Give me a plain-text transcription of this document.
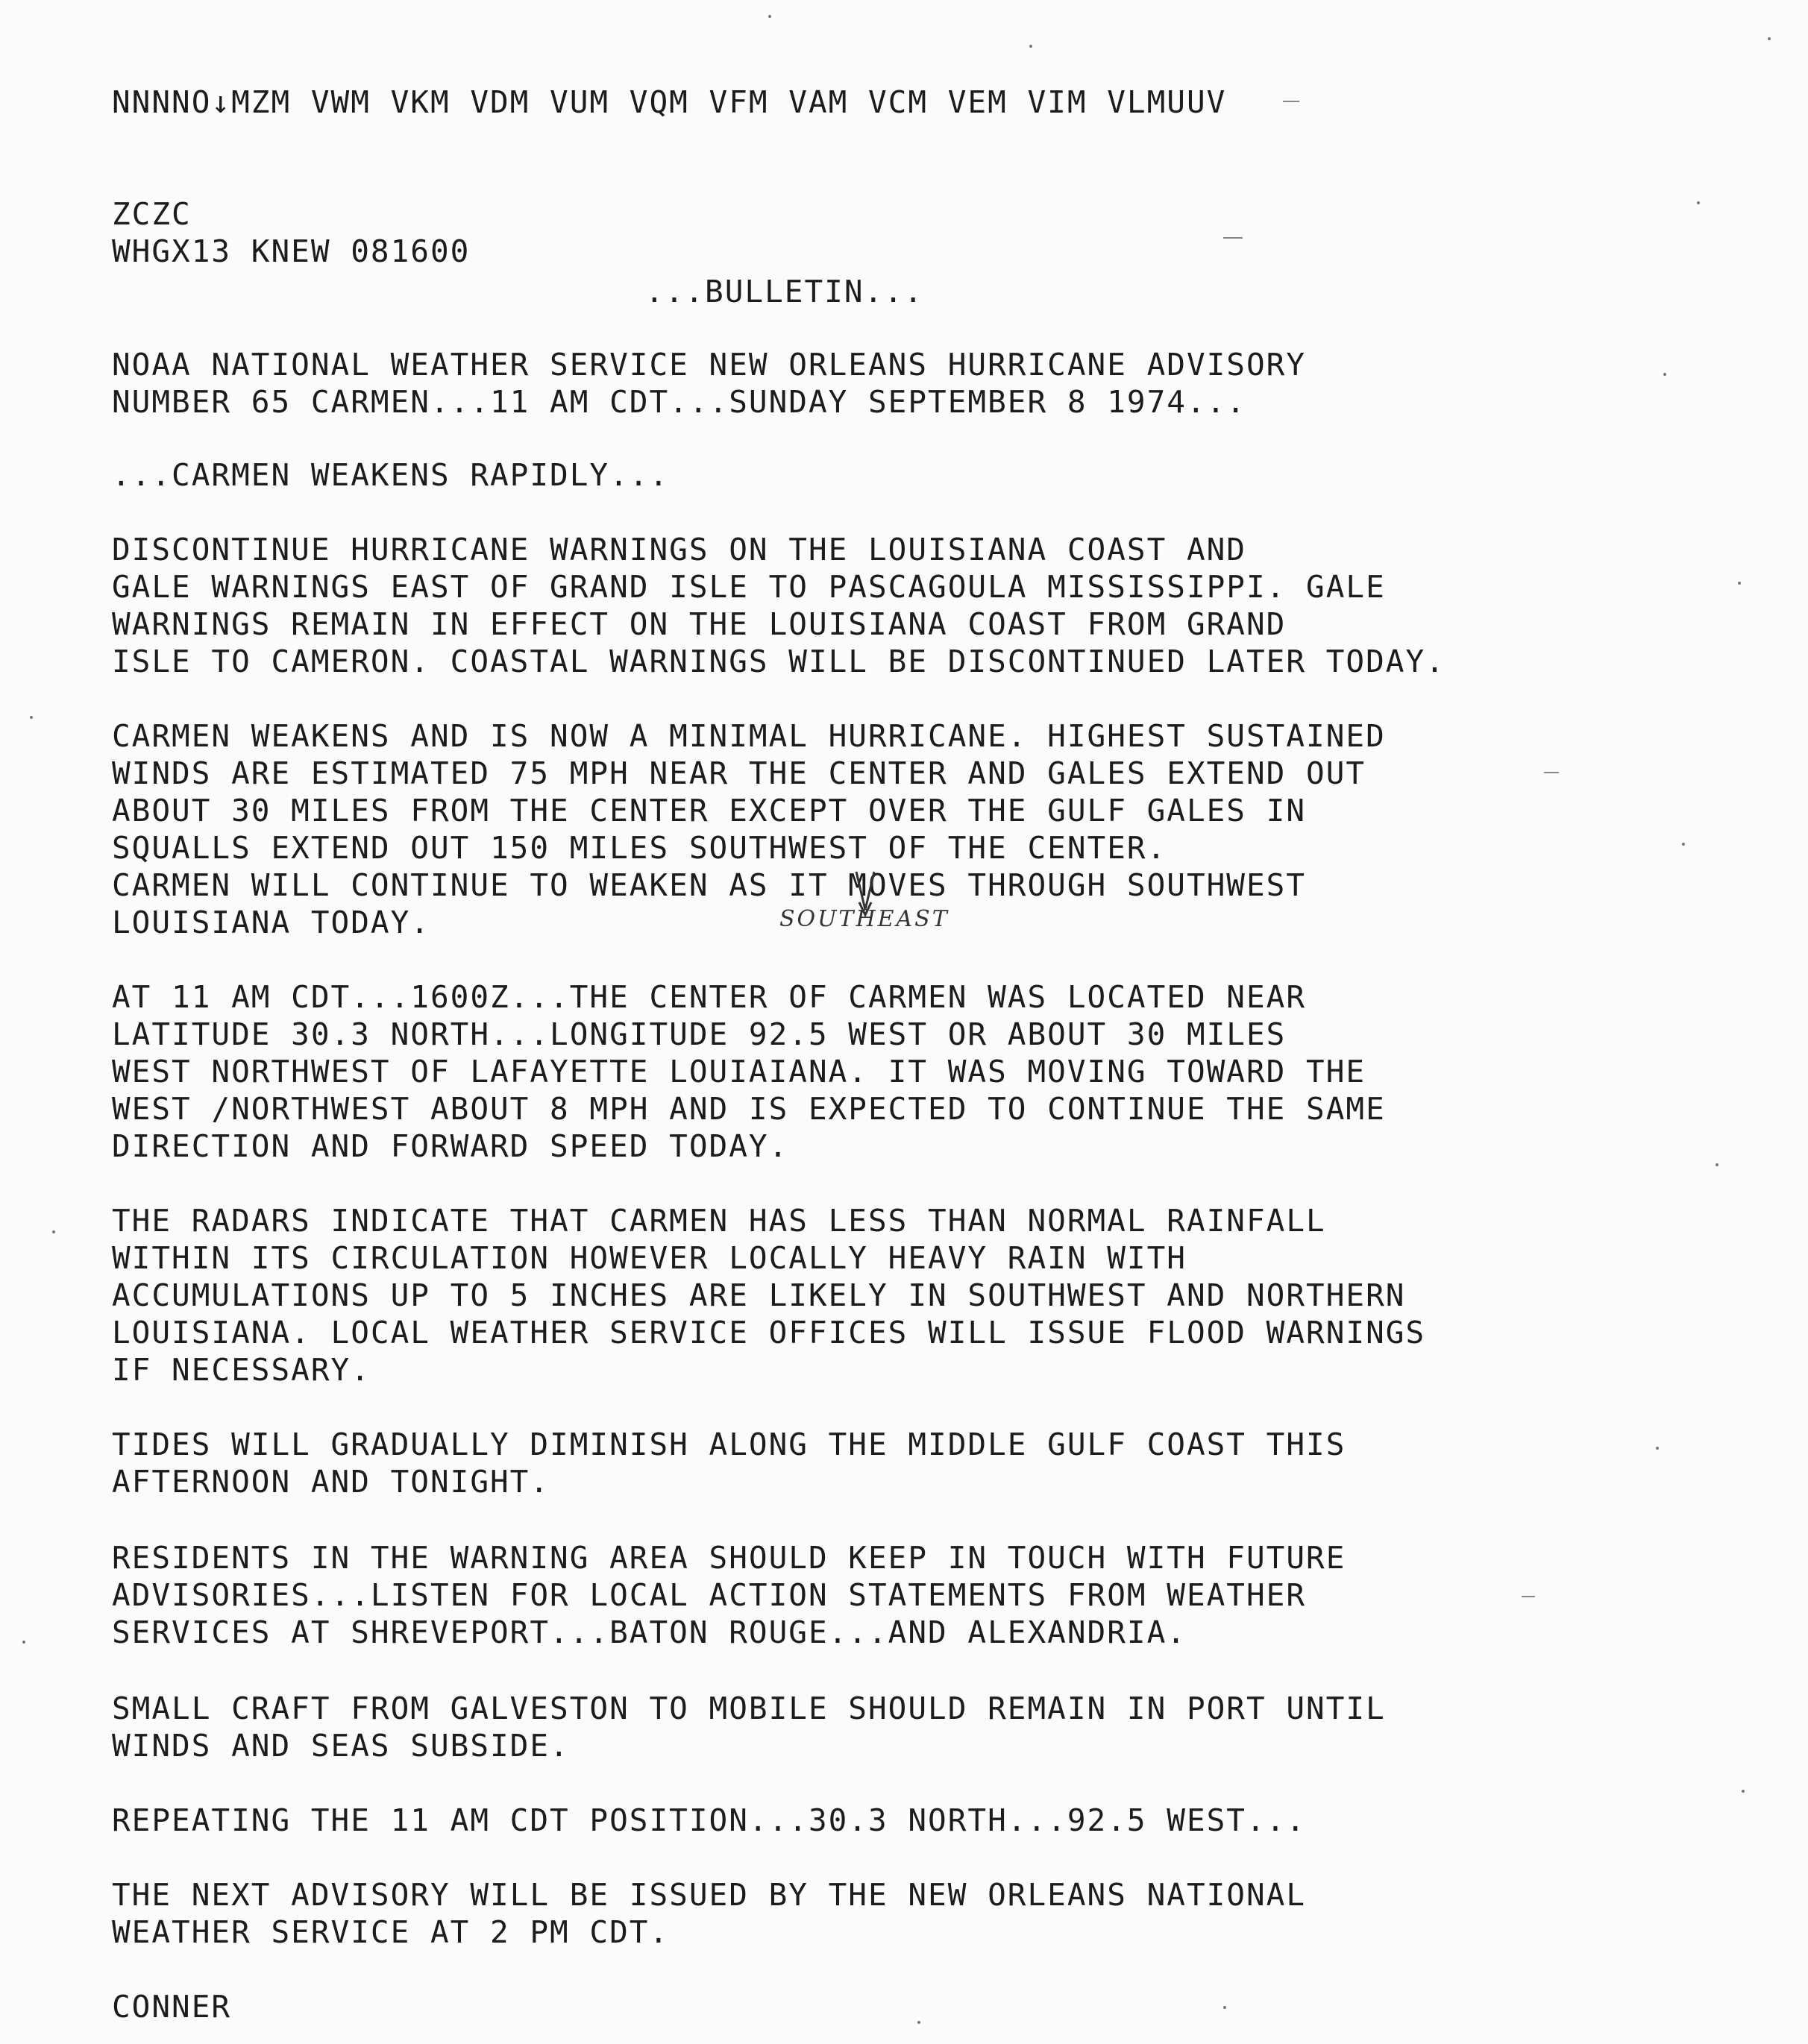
NNNNO↓MZM VWM VKM VDM VUM VQM VFM VAM VCM VEM VIM VLMUUV
ZCZC
WHGX13 KNEW 081600
...BULLETIN...
NOAA NATIONAL WEATHER SERVICE NEW ORLEANS HURRICANE ADVISORY
NUMBER 65 CARMEN...11 AM CDT...SUNDAY SEPTEMBER 8 1974...
...CARMEN WEAKENS RAPIDLY...
DISCONTINUE HURRICANE WARNINGS ON THE LOUISIANA COAST AND
GALE WARNINGS EAST OF GRAND ISLE TO PASCAGOULA MISSISSIPPI. GALE
WARNINGS REMAIN IN EFFECT ON THE LOUISIANA COAST FROM GRAND
ISLE TO CAMERON. COASTAL WARNINGS WILL BE DISCONTINUED LATER TODAY.
CARMEN WEAKENS AND IS NOW A MINIMAL HURRICANE. HIGHEST SUSTAINED
WINDS ARE ESTIMATED 75 MPH NEAR THE CENTER AND GALES EXTEND OUT
ABOUT 30 MILES FROM THE CENTER EXCEPT OVER THE GULF GALES IN
SQUALLS EXTEND OUT 150 MILES SOUTHWEST OF THE CENTER.
CARMEN WILL CONTINUE TO WEAKEN AS IT MOVES THROUGH SOUTHWEST
LOUISIANA TODAY.	SOUTHEAST
AT 11 AM CDT...1600Z...THE CENTER OF CARMEN WAS LOCATED NEAR
LATITUDE 30.3 NORTH...LONGITUDE 92.5 WEST OR ABOUT 30 MILES
WEST NORTHWEST OF LAFAYETTE LOUIAIANA. IT WAS MOVING TOWARD THE
WEST /NORTHWEST ABOUT 8 MPH AND IS EXPECTED TO CONTINUE THE SAME
DIRECTION AND FORWARD SPEED TODAY.
THE RADARS INDICATE THAT CARMEN HAS LESS THAN NORMAL RAINFALL
WITHIN ITS CIRCULATION HOWEVER LOCALLY HEAVY RAIN WITH
ACCUMULATIONS UP TO 5 INCHES ARE LIKELY IN SOUTHWEST AND NORTHERN
LOUISIANA. LOCAL WEATHER SERVICE OFFICES WILL ISSUE FLOOD WARNINGS
IF NECESSARY.
TIDES WILL GRADUALLY DIMINISH ALONG THE MIDDLE GULF COAST THIS
AFTERNOON AND TONIGHT.
RESIDENTS IN THE WARNING AREA SHOULD KEEP IN TOUCH WITH FUTURE
ADVISORIES...LISTEN FOR LOCAL ACTION STATEMENTS FROM WEATHER
SERVICES AT SHREVEPORT...BATON ROUGE...AND ALEXANDRIA.
SMALL CRAFT FROM GALVESTON TO MOBILE SHOULD REMAIN IN PORT UNTIL
WINDS AND SEAS SUBSIDE.
REPEATING THE 11 AM CDT POSITION...30.3 NORTH...92.5 WEST...
THE NEXT ADVISORY WILL BE ISSUED BY THE NEW ORLEANS NATIONAL
WEATHER SERVICE AT 2 PM CDT.
CONNER
